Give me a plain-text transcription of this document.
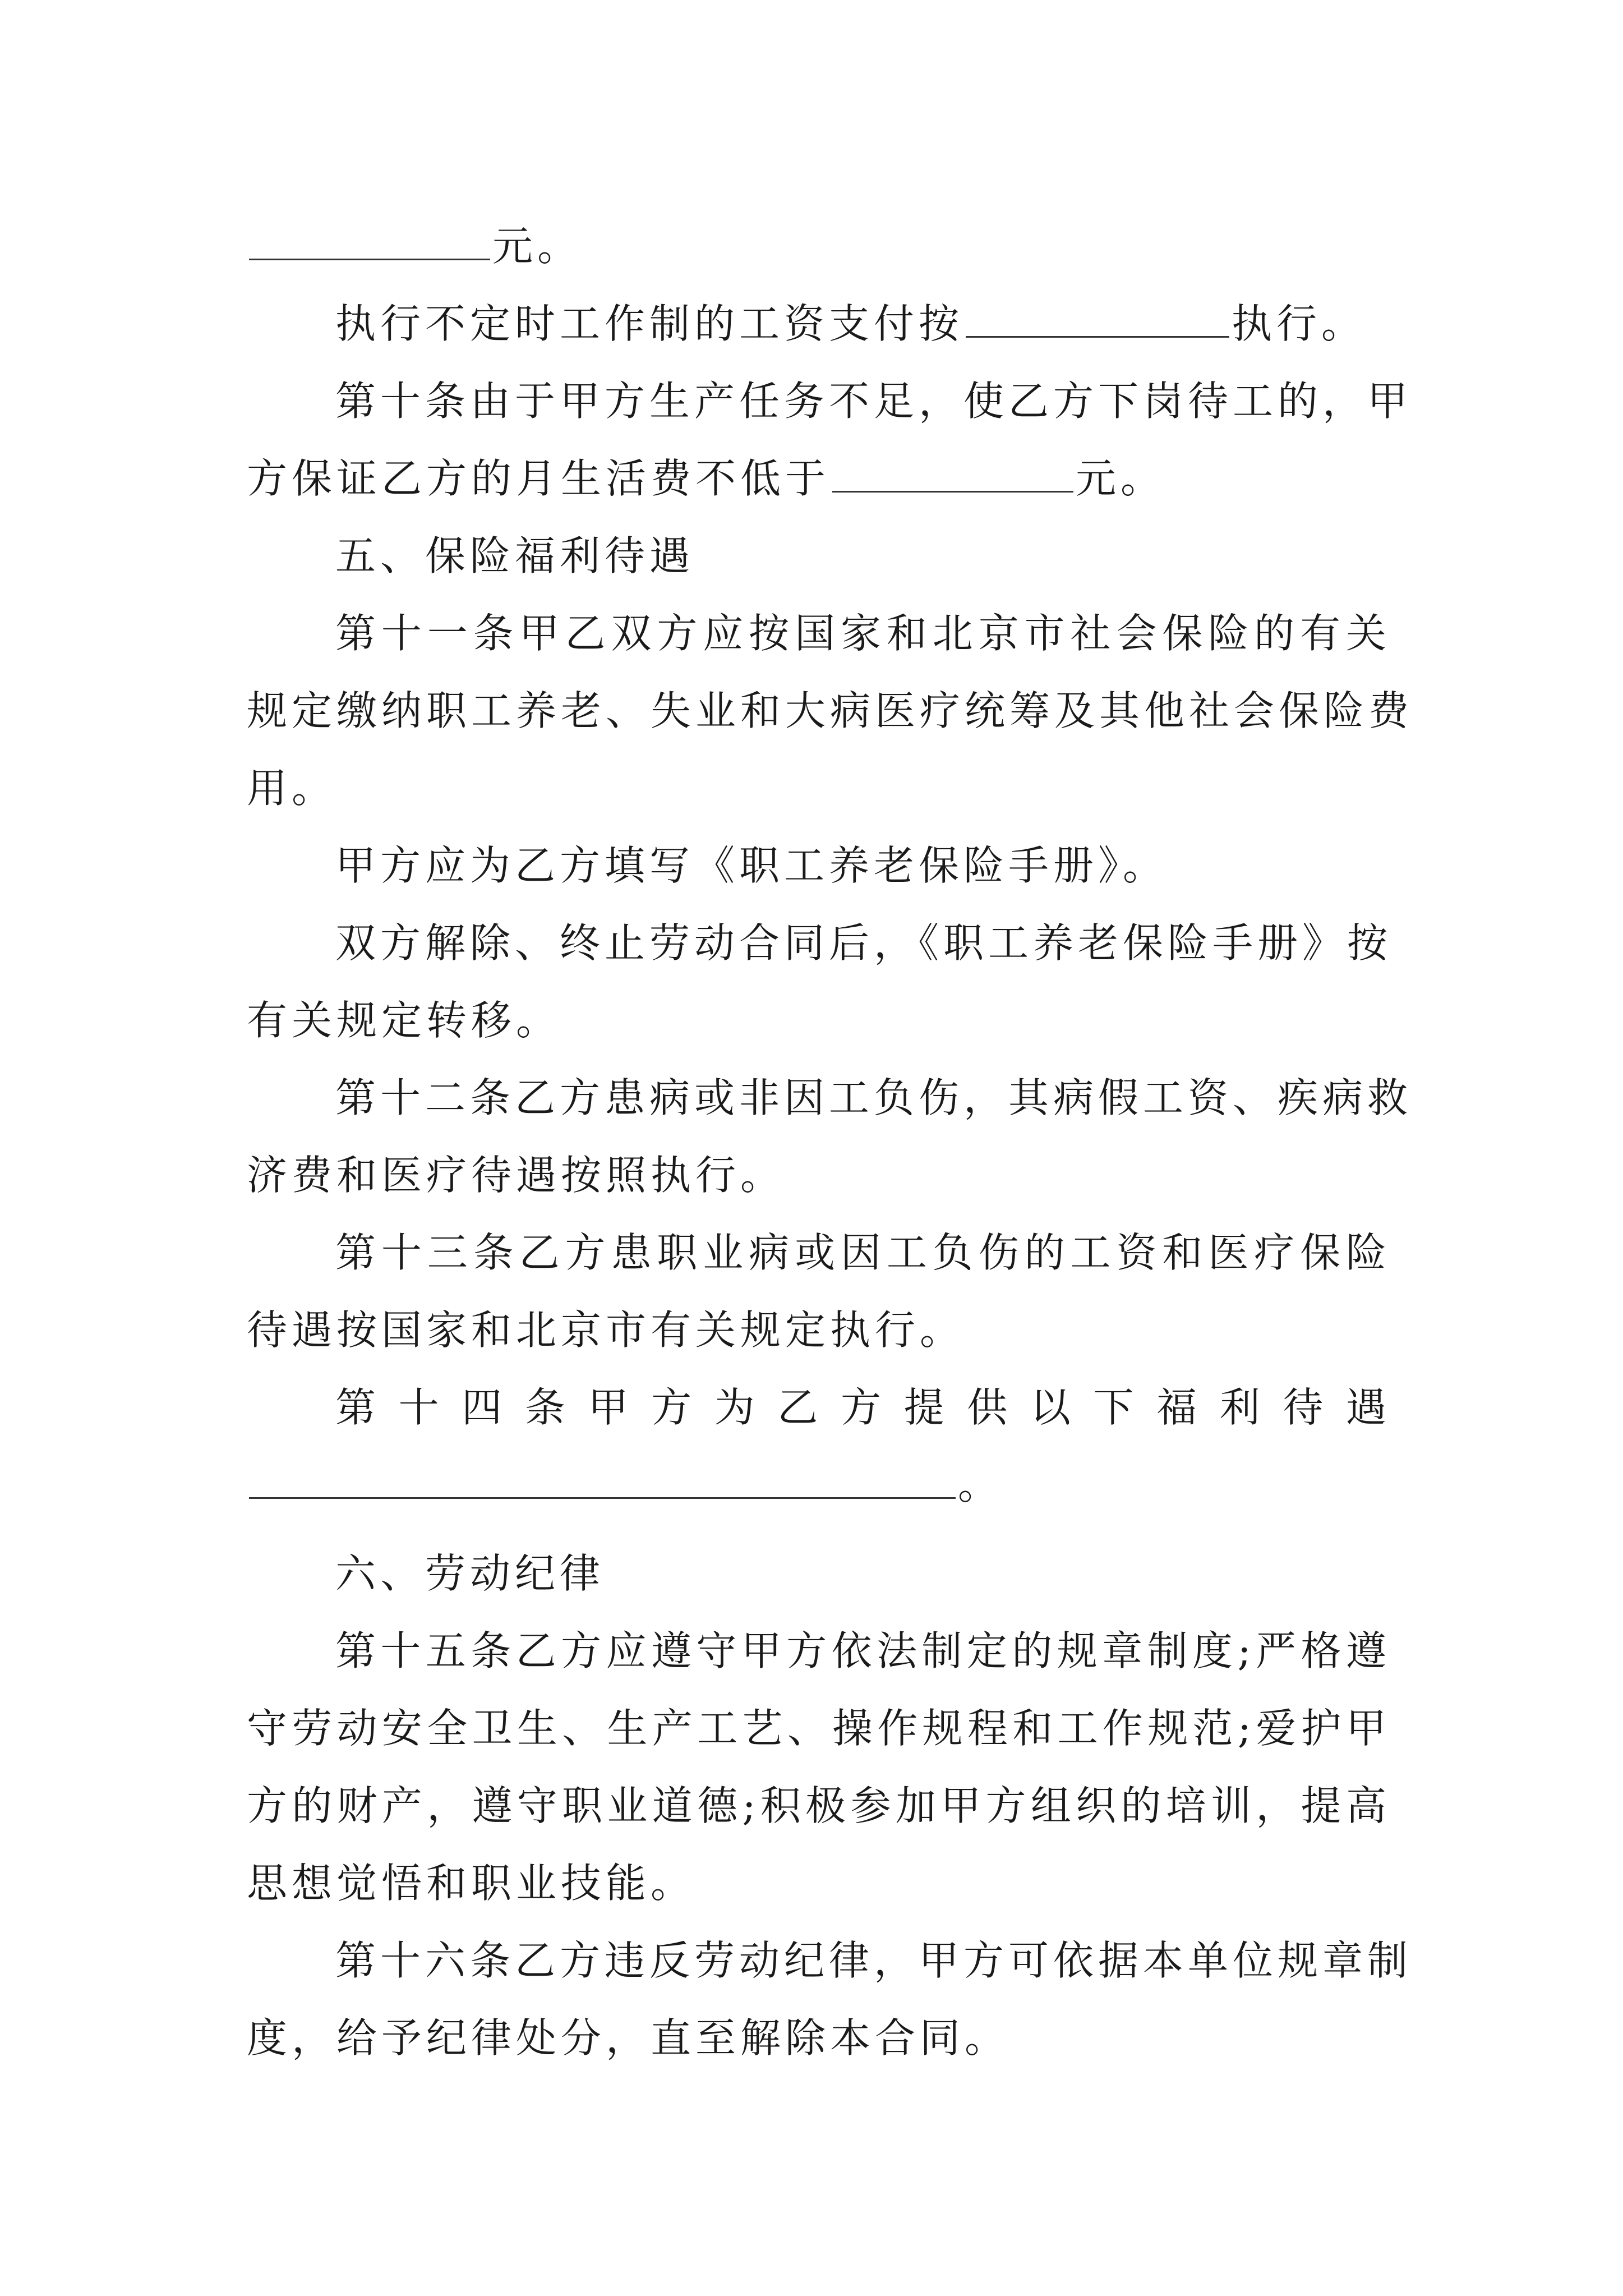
元。
执行不定时工作制的工资支付按	执行。
第十条由于甲方生产任务不足，使乙方下岗待工的，甲
方保证乙方的月生活费不低于	元。
五、保险福利待遇
第十一条甲乙双方应按国家和北京市社会保险的有关
规定缴纳职工养老、失业和大病医疗统筹及其他社会保险费
用。
甲方应为乙方填写《职工养老保险手册》。
双方解除、终止劳动合同后，《职工养老保险手册》按
有关规定转移。
第十二条乙方患病或非因工负伤，其病假工资、疾病救
济费和医疗待遇按照执行。
第十三条乙方患职业病或因工负伤的工资和医疗保险
待遇按国家和北京市有关规定执行。
第 十 四 条 甲 方 为 乙 方 提 供 以 下 福 利 待 遇
。
六、劳动纪律
第十五条乙方应遵守甲方依法制定的规章制度;严格遵
守劳动安全卫生、生产工艺、操作规程和工作规范;爱护甲
方的财产，遵守职业道德;积极参加甲方组织的培训，提高
思想觉悟和职业技能。
第十六条乙方违反劳动纪律，甲方可依据本单位规章制
度，给予纪律处分，直至解除本合同。
